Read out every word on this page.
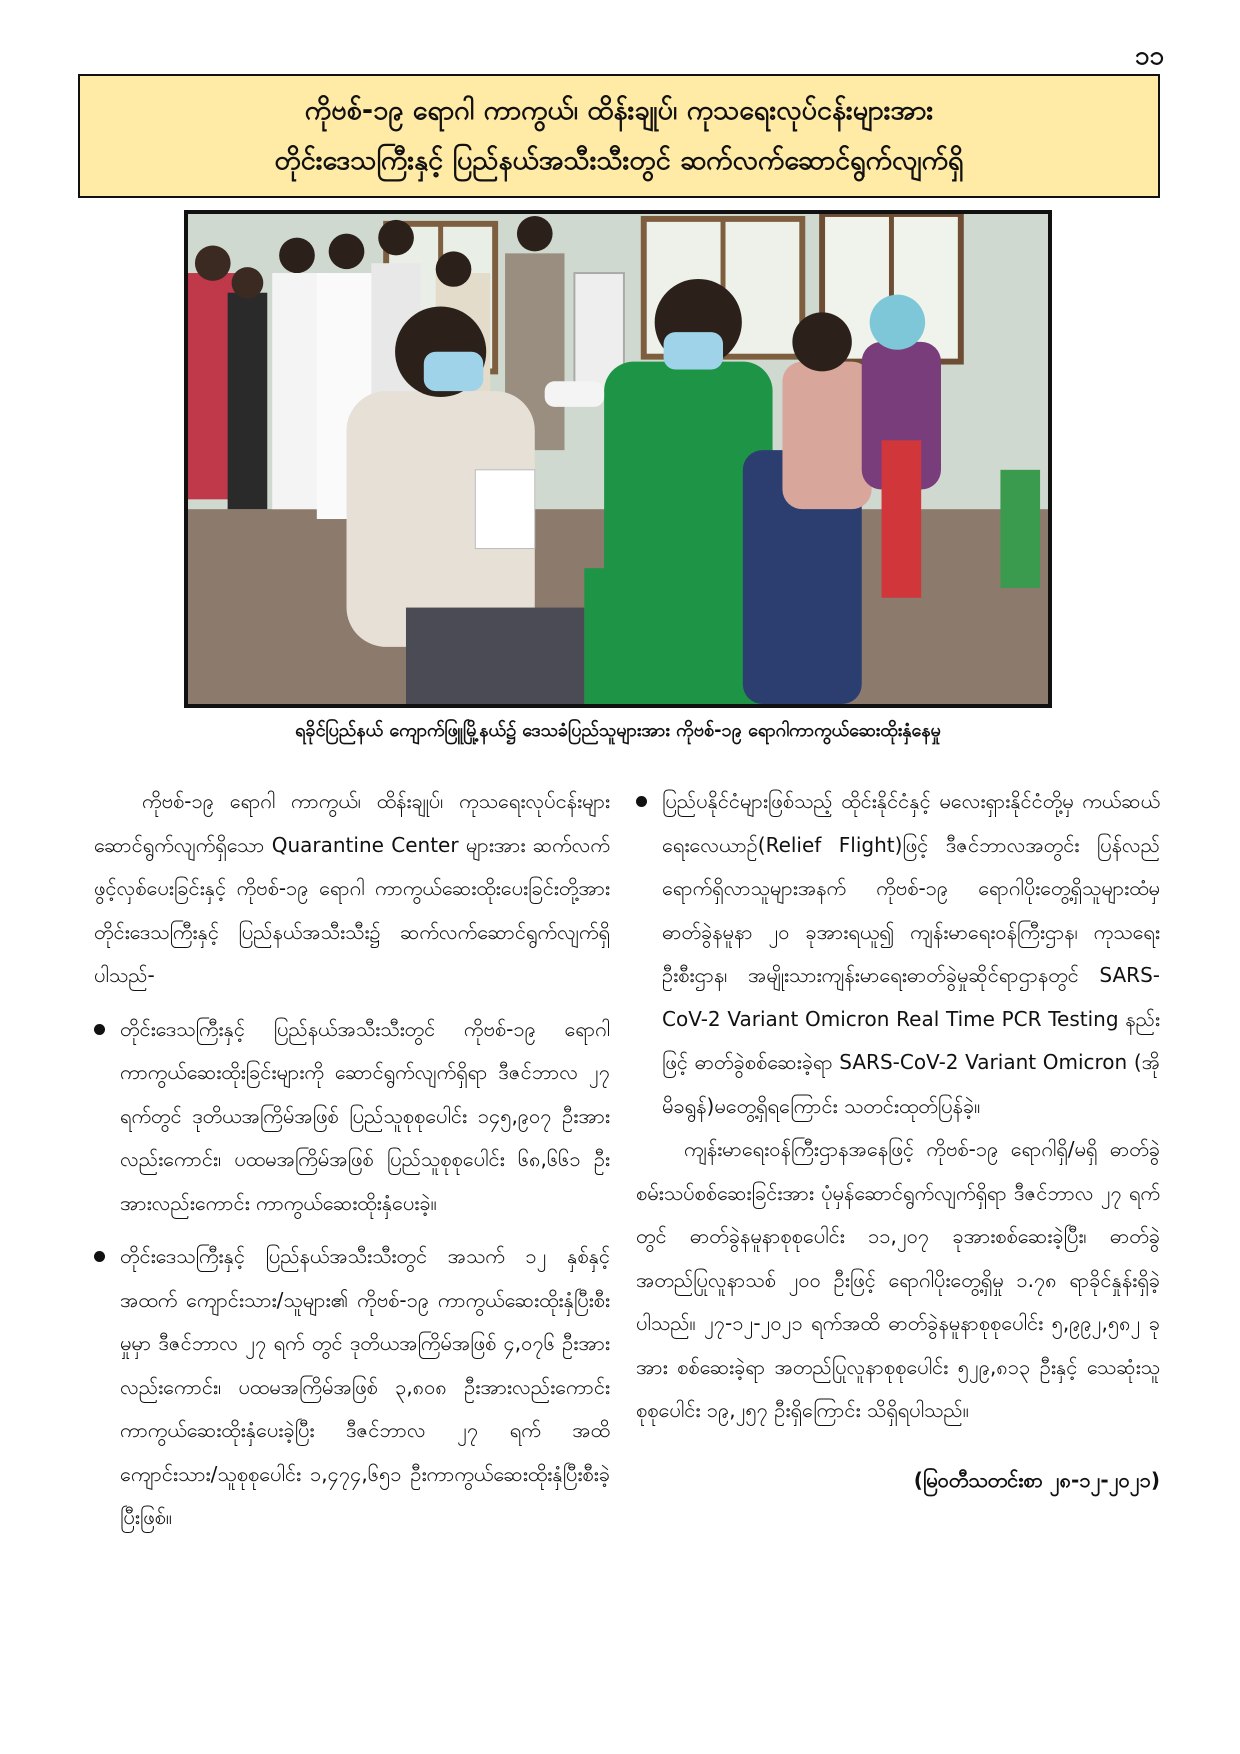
၁၁
ကိုဗစ်-၁၉ ရောဂါ ကာကွယ်၊ ထိန်းချုပ်၊ ကုသရေးလုပ်ငန်းများအား
တိုင်းဒေသကြီးနှင့် ပြည်နယ်အသီးသီးတွင် ဆက်လက်ဆောင်ရွက်လျက်ရှိ
ရခိုင်ပြည်နယ် ကျောက်ဖြူမြို့နယ်၌ ဒေသခံပြည်သူများအား ကိုဗစ်-၁၉ ရောဂါကာကွယ်ဆေးထိုးနှံနေမှု

ကိုဗစ်-၁၉ ရောဂါ ကာကွယ်၊ ထိန်းချုပ်၊ ကုသရေးလုပ်ငန်းများဆောင်ရွက်လျက်ရှိသော Quarantine Center များအား ဆက်လက်ဖွင့်လှစ်ပေးခြင်းနှင့် ကိုဗစ်-၁၉ ရောဂါ ကာကွယ်ဆေးထိုးပေးခြင်းတို့အား တိုင်းဒေသကြီးနှင့် ပြည်နယ်အသီးသီး၌ ဆက်လက်ဆောင်ရွက်လျက်ရှိပါသည်-

တိုင်းဒေသကြီးနှင့် ပြည်နယ်အသီးသီးတွင် ကိုဗစ်-၁၉ ရောဂါ ကာကွယ်ဆေးထိုးခြင်းများကို ဆောင်ရွက်လျက်ရှိရာ ဒီဇင်ဘာလ ၂၇ ရက်တွင် ဒုတိယအကြိမ်အဖြစ် ပြည်သူစုစုပေါင်း ၁၄၅,၉၀၇ ဦးအားလည်းကောင်း၊ ပထမအကြိမ်အဖြစ် ပြည်သူစုစုပေါင်း ၆၈,၆၆၁ ဦးအားလည်းကောင်း ကာကွယ်ဆေးထိုးနှံပေးခဲ့။
တိုင်းဒေသကြီးနှင့် ပြည်နယ်အသီးသီးတွင် အသက် ၁၂ နှစ်နှင့်အထက် ကျောင်းသား/သူများ၏ ကိုဗစ်-၁၉ ကာကွယ်ဆေးထိုးနှံပြီးစီးမှုမှာ ဒီဇင်ဘာလ ၂၇ ရက် တွင် ဒုတိယအကြိမ်အဖြစ် ၄,၀၇၆ ဦးအားလည်းကောင်း၊ ပထမအကြိမ်အဖြစ် ၃,၈၀၈ ဦးအားလည်းကောင်း ကာကွယ်ဆေးထိုးနှံပေးခဲ့ပြီး ဒီဇင်ဘာလ ၂၇ ရက် အထိ ကျောင်းသား/သူစုစုပေါင်း ၁,၄၇၄,၆၅၁ ဦးကာကွယ်ဆေးထိုးနှံပြီးစီးခဲ့ပြီးဖြစ်။
ပြည်ပနိုင်ငံများဖြစ်သည့် ထိုင်းနိုင်ငံနှင့် မလေးရှားနိုင်ငံတို့မှ ကယ်ဆယ်ရေးလေယာဉ်(Relief Flight)ဖြင့် ဒီဇင်ဘာလအတွင်း ပြန်လည်ရောက်ရှိလာသူများအနက် ကိုဗစ်-၁၉ ရောဂါပိုးတွေ့ရှိသူများထံမှ ဓာတ်ခွဲနမူနာ ၂၀ ခုအားရယူ၍ ကျန်းမာရေးဝန်ကြီးဌာန၊ ကုသရေးဦးစီးဌာန၊ အမျိုးသားကျန်းမာရေးဓာတ်ခွဲမှုဆိုင်ရာဌာနတွင် SARS-CoV-2 Variant Omicron Real Time PCR Testing နည်းဖြင့် ဓာတ်ခွဲစစ်ဆေးခဲ့ရာ SARS-CoV-2 Variant Omicron (အိုမိခရွန်)မတွေ့ရှိရကြောင်း သတင်းထုတ်ပြန်ခဲ့။

ကျန်းမာရေးဝန်ကြီးဌာနအနေဖြင့် ကိုဗစ်-၁၉ ရောဂါရှိ/မရှိ ဓာတ်ခွဲစမ်းသပ်စစ်ဆေးခြင်းအား ပုံမှန်ဆောင်ရွက်လျက်ရှိရာ ဒီဇင်ဘာလ ၂၇ ရက်တွင် ဓာတ်ခွဲနမူနာစုစုပေါင်း ၁၁,၂၀၇ ခုအားစစ်ဆေးခဲ့ပြီး၊ ဓာတ်ခွဲအတည်ပြုလူနာသစ် ၂၀၀ ဦးဖြင့် ရောဂါပိုးတွေ့ရှိမှု ၁.၇၈ ရာခိုင်နှုန်းရှိခဲ့ပါသည်။ ၂၇-၁၂-၂၀၂၁ ရက်အထိ ဓာတ်ခွဲနမူနာစုစုပေါင်း ၅,၉၉၂,၅၈၂ ခုအား စစ်ဆေးခဲ့ရာ အတည်ပြုလူနာစုစုပေါင်း ၅၂၉,၈၁၃ ဦးနှင့် သေဆုံးသူစုစုပေါင်း ၁၉,၂၅၇ ဦးရှိကြောင်း သိရှိရပါသည်။

(မြဝတီသတင်းစာ ၂၈-၁၂-၂၀၂၁)
